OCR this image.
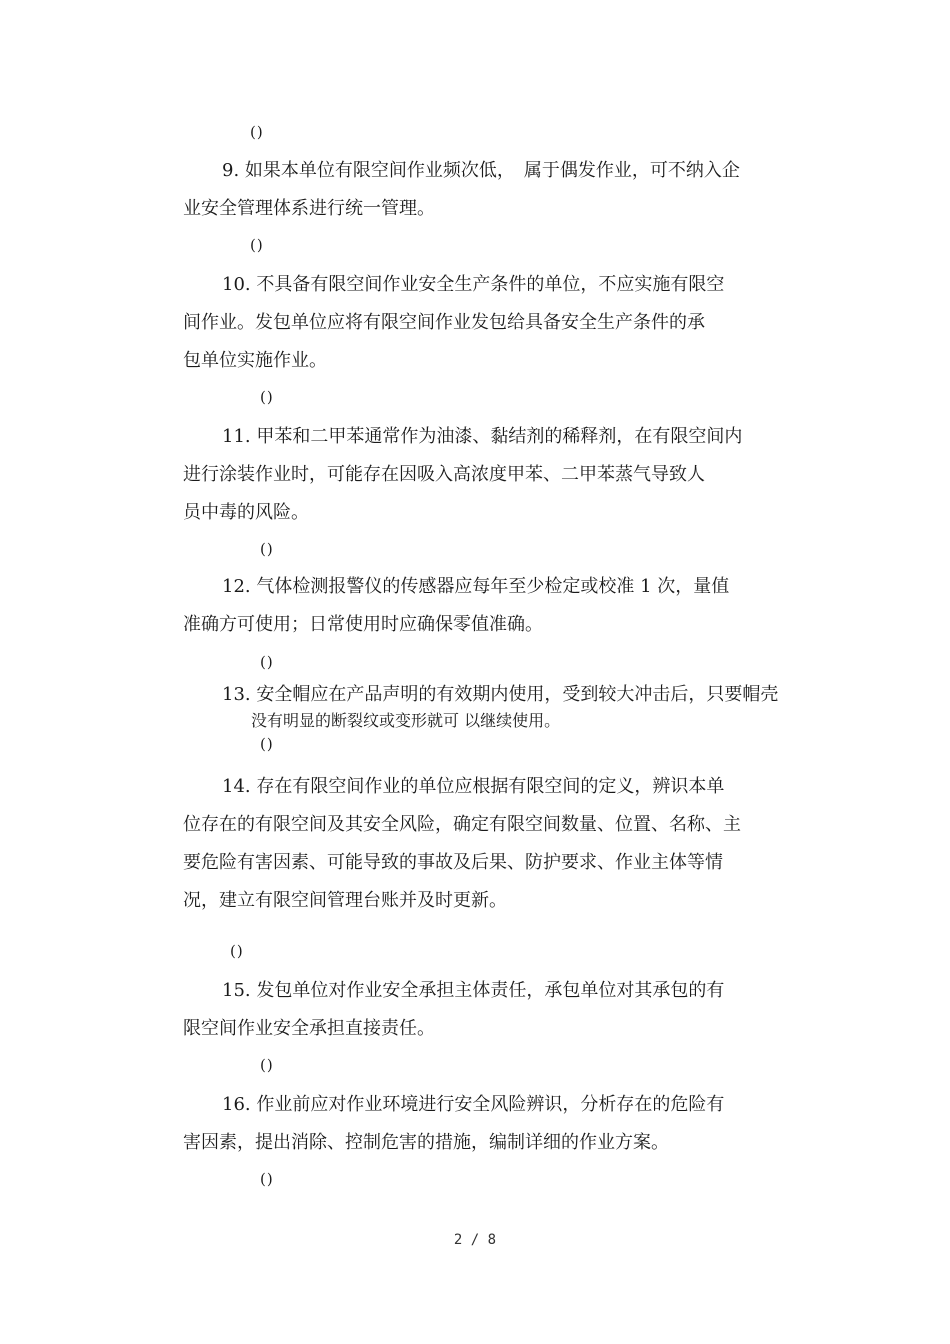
()
9. 如果本单位有限空间作业频次低，　属于偶发作业，可不纳入企
业安全管理体系进行统一管理。
()
10. 不具备有限空间作业安全生产条件的单位，不应实施有限空
间作业。发包单位应将有限空间作业发包给具备安全生产条件的承
包单位实施作业。
()
11. 甲苯和二甲苯通常作为油漆、黏结剂的稀释剂，在有限空间内
进行涂装作业时，可能存在因吸入高浓度甲苯、二甲苯蒸气导致人
员中毒的风险。
()
12. 气体检测报警仪的传感器应每年至少检定或校准 1 次，量值
准确方可使用；日常使用时应确保零值准确。
()
13. 安全帽应在产品声明的有效期内使用，受到较大冲击后，只要帽壳
没有明显的断裂纹或变形就可 以继续使用。
()
14. 存在有限空间作业的单位应根据有限空间的定义，辨识本单
位存在的有限空间及其安全风险，确定有限空间数量、位置、名称、主
要危险有害因素、可能导致的事故及后果、防护要求、作业主体等情
况，建立有限空间管理台账并及时更新。
()
15. 发包单位对作业安全承担主体责任，承包单位对其承包的有
限空间作业安全承担直接责任。
()
16. 作业前应对作业环境进行安全风险辨识，分析存在的危险有
害因素，提出消除、控制危害的措施，编制详细的作业方案。
()
2 / 8
